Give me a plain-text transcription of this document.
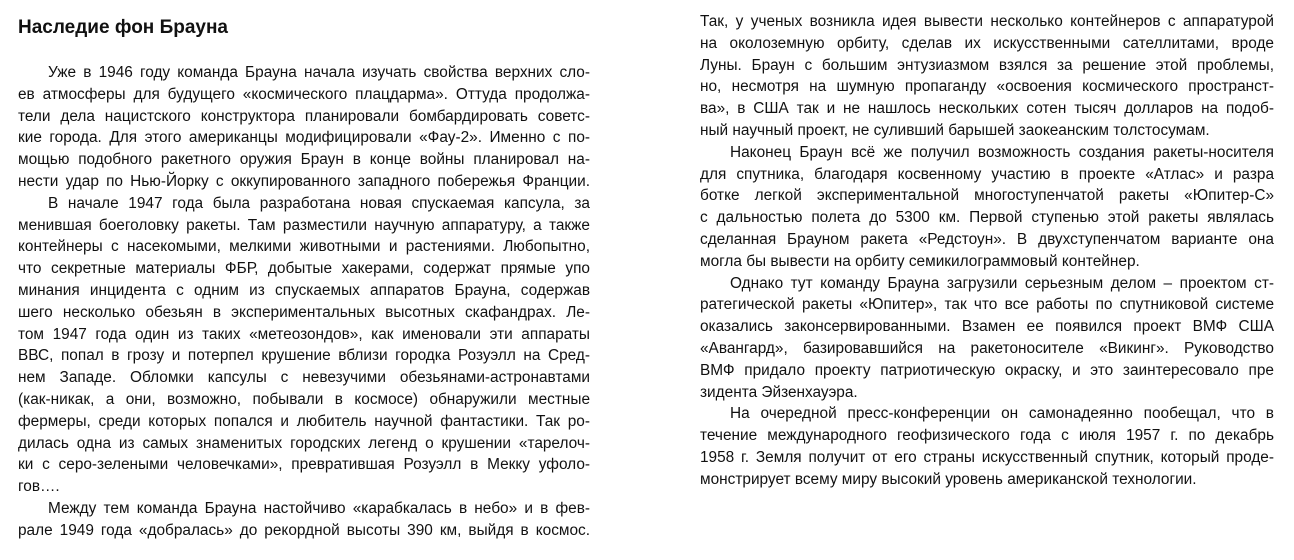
Наследие фон Брауна
Уже в 1946 году команда Брауна начала изучать свойства верхних сло-
ев атмосферы для будущего «космического плацдарма». Оттуда продолжа-
тели дела нацистского конструктора планировали бомбардировать советс-
кие города. Для этого американцы модифицировали «Фау-2». Именно с по-
мощью подобного ракетного оружия Браун в конце войны планировал на-
нести удар по Нью-Йорку с оккупированного западного побережья Франции.
В начале 1947 года была разработана новая спускаемая капсула, за
менившая боеголовку ракеты. Там разместили научную аппаратуру, а также
контейнеры с насекомыми, мелкими животными и растениями. Любопытно,
что секретные материалы ФБР, добытые хакерами, содержат прямые упо
минания инцидента с одним из спускаемых аппаратов Брауна, содержав
шего несколько обезьян в экспериментальных высотных скафандрах. Ле-
том 1947 года один из таких «метеозондов», как именовали эти аппараты
ВВС, попал в грозу и потерпел крушение вблизи городка Розуэлл на Сред-
нем Западе. Обломки капсулы с невезучими обезьянами-астронавтами
(как-никак, а они, возможно, побывали в космосе) обнаружили местные
фермеры, среди которых попался и любитель научной фантастики. Так ро-
дилась одна из самых знаменитых городских легенд о крушении «тарелоч-
ки с серо-зелеными человечками», превратившая Розуэлл в Мекку уфоло-
гов….
Между тем команда Брауна настойчиво «карабкалась в небо» и в фев-
рале 1949 года «добралась» до рекордной высоты 390 км, выйдя в космос.
Так, у ученых возникла идея вывести несколько контейнеров с аппаратурой
на околоземную орбиту, сделав их искусственными сателлитами, вроде
Луны. Браун с большим энтузиазмом взялся за решение этой проблемы,
но, несмотря на шумную пропаганду «освоения космического пространст-
ва», в США так и не нашлось нескольких сотен тысяч долларов на подоб-
ный научный проект, не суливший барышей заокеанским толстосумам.
Наконец Браун всё же получил возможность создания ракеты-носителя
для спутника, благодаря косвенному участию в проекте «Атлас» и разра
ботке легкой экспериментальной многоступенчатой ракеты «Юпитер-С»
с дальностью полета до 5300 км. Первой ступенью этой ракеты являлась
сделанная Брауном ракета «Редстоун». В двухступенчатом варианте она
могла бы вывести на орбиту семикилограммовый контейнер.
Однако тут команду Брауна загрузили серьезным делом – проектом ст-
ратегической ракеты «Юпитер», так что все работы по спутниковой системе
оказались законсервированными. Взамен ее появился проект ВМФ США
«Авангард», базировавшийся на ракетоносителе «Викинг». Руководство
ВМФ придало проекту патриотическую окраску, и это заинтересовало пре
зидента Эйзенхауэра.
На очередной пресс-конференции он самонадеянно пообещал, что в
течение международного геофизического года с июля 1957 г. по декабрь
1958 г. Земля получит от его страны искусственный спутник, который проде-
монстрирует всему миру высокий уровень американской технологии.
